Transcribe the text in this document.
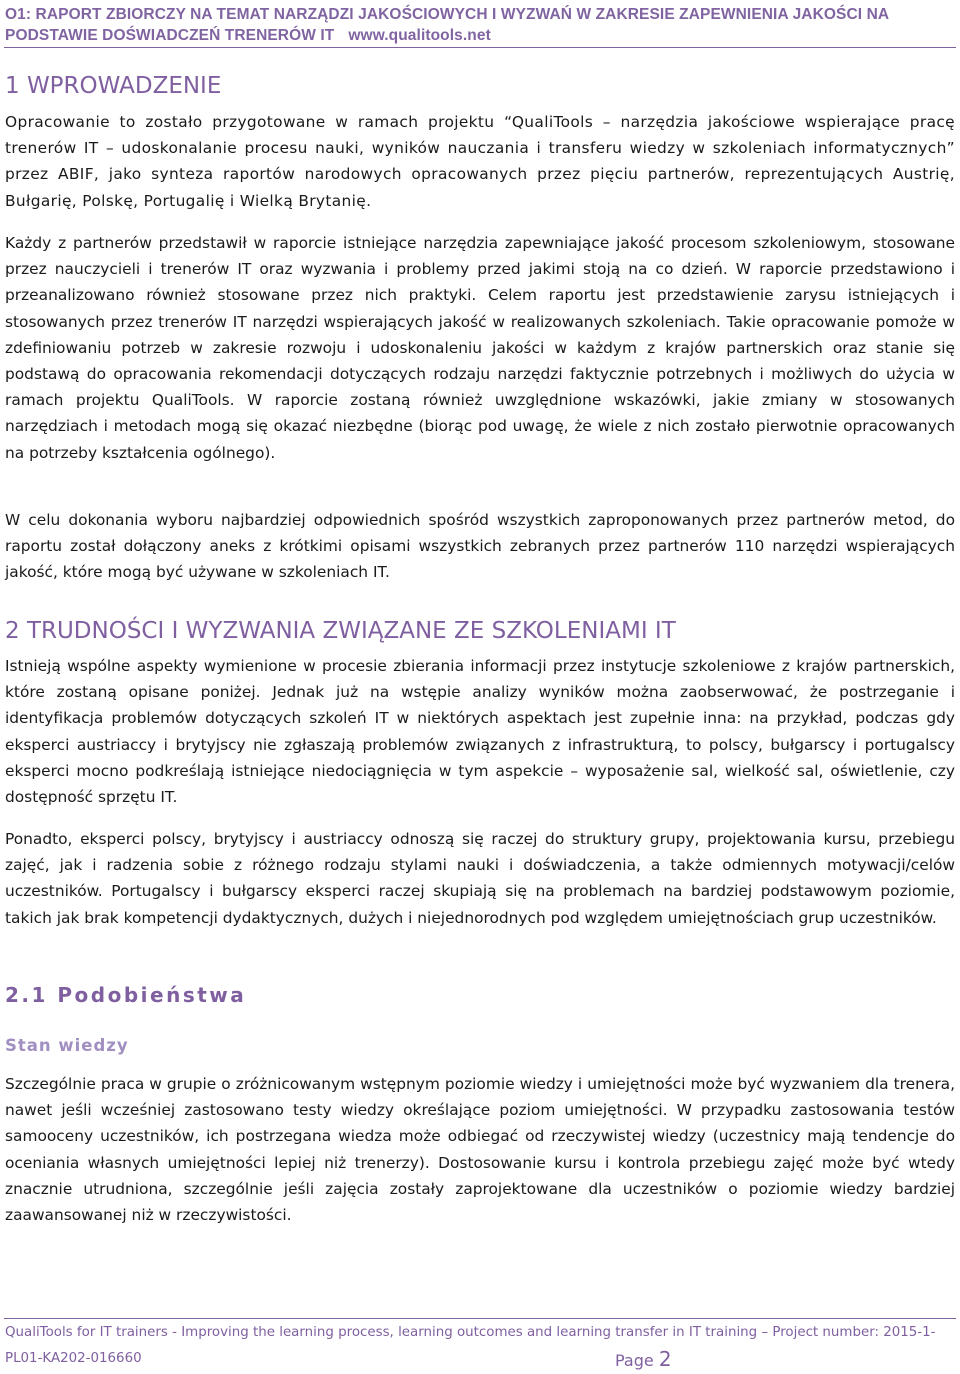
O1: RAPORT ZBIORCZY NA TEMAT NARZĄDZI JAKOŚCIOWYCH I WYZWAŃ W ZAKRESIE ZAPEWNIENIA JAKOŚCI NA
PODSTAWIE DOŚWIADCZEŃ TRENERÓW IT www.qualitools.net
1 WPROWADZENIE

Opracowanie to zostało przygotowane w ramach projektu “QualiTools – narzędzia jakościowe wspierające pracę trenerów IT – udoskonalanie procesu nauki, wyników nauczania i transferu wiedzy w szkoleniach informatycznych” przez ABIF, jako synteza raportów narodowych opracowanych przez pięciu partnerów, reprezentujących Austrię, Bułgarię, Polskę, Portugalię i Wielką Brytanię.

Każdy z partnerów przedstawił w raporcie istniejące narzędzia zapewniające jakość procesom szkoleniowym, stosowane przez nauczycieli i trenerów IT oraz wyzwania i problemy przed jakimi stoją na co dzień. W raporcie przedstawiono i przeanalizowano również stosowane przez nich praktyki. Celem raportu jest przedstawienie zarysu istniejących i stosowanych przez trenerów IT narzędzi wspierających jakość w realizowanych szkoleniach. Takie opracowanie pomoże w zdefiniowaniu potrzeb w zakresie rozwoju i udoskonaleniu jakości w każdym z krajów partnerskich oraz stanie się podstawą do opracowania rekomendacji dotyczących rodzaju narzędzi faktycznie potrzebnych i możliwych do użycia w ramach projektu QualiTools. W raporcie zostaną również uwzględnione wskazówki, jakie zmiany w stosowanych narzędziach i metodach mogą się okazać niezbędne (biorąc pod uwagę, że wiele z nich zostało pierwotnie opracowanych na potrzeby kształcenia ogólnego).

W celu dokonania wyboru najbardziej odpowiednich spośród wszystkich zaproponowanych przez partnerów metod, do raportu został dołączony aneks z krótkimi opisami wszystkich zebranych przez partnerów 110 narzędzi wspierających jakość, które mogą być używane w szkoleniach IT.

2 TRUDNOŚCI I WYZWANIA ZWIĄZANE ZE SZKOLENIAMI IT

Istnieją wspólne aspekty wymienione w procesie zbierania informacji przez instytucje szkoleniowe z krajów partnerskich, które zostaną opisane poniżej. Jednak już na wstępie analizy wyników można zaobserwować, że postrzeganie i identyfikacja problemów dotyczących szkoleń IT w niektórych aspektach jest zupełnie inna: na przykład, podczas gdy eksperci austriaccy i brytyjscy nie zgłaszają problemów związanych z infrastrukturą, to polscy, bułgarscy i portugalscy eksperci mocno podkreślają istniejące niedociągnięcia w tym aspekcie – wyposażenie sal, wielkość sal, oświetlenie, czy dostępność sprzętu IT.

Ponadto, eksperci polscy, brytyjscy i austriaccy odnoszą się raczej do struktury grupy, projektowania kursu, przebiegu zajęć, jak i radzenia sobie z różnego rodzaju stylami nauki i doświadczenia, a także odmiennych motywacji/celów uczestników. Portugalscy i bułgarscy eksperci raczej skupiają się na problemach na bardziej podstawowym poziomie, takich jak brak kompetencji dydaktycznych, dużych i niejednorodnych pod względem umiejętnościach grup uczestników.

2.1 Podobieństwa
Stan wiedzy

Szczególnie praca w grupie o zróżnicowanym wstępnym poziomie wiedzy i umiejętności może być wyzwaniem dla trenera, nawet jeśli wcześniej zastosowano testy wiedzy określające poziom umiejętności. W przypadku zastosowania testów samooceny uczestników, ich postrzegana wiedza może odbiegać od rzeczywistej wiedzy (uczestnicy mają tendencje do oceniania własnych umiejętności lepiej niż trenerzy). Dostosowanie kursu i kontrola przebiegu zajęć może być wtedy znacznie utrudniona, szczególnie jeśli zajęcia zostały zaprojektowane dla uczestników o poziomie wiedzy bardziej zaawansowanej niż w rzeczywistości.

QualiTools for IT trainers - Improving the learning process, learning outcomes and learning transfer in IT training – Project number: 2015-1-
PL01-KA202-016660	Page 2
